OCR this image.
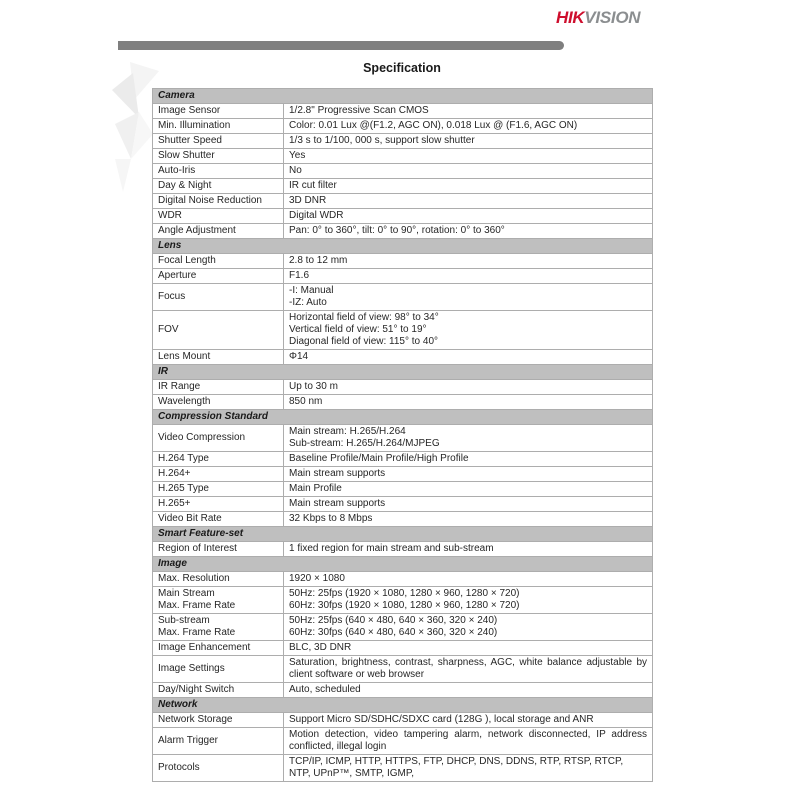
HIKVISION
Specification
Camera	
Image Sensor	1/2.8" Progressive Scan CMOS
Min. Illumination	Color: 0.01 Lux @(F1.2, AGC ON), 0.018 Lux @ (F1.6, AGC ON)
Shutter Speed	1/3 s to 1/100, 000 s, support slow shutter
Slow Shutter	Yes
Auto-Iris	No
Day & Night	IR cut filter
Digital Noise Reduction	3D DNR
WDR	Digital WDR
Angle Adjustment	Pan: 0° to 360°, tilt: 0° to 90°, rotation: 0° to 360°
Lens	
Focal Length	2.8 to 12 mm
Aperture	F1.6
Focus	-I: Manual
-IZ: Auto
FOV	Horizontal field of view: 98° to 34°
Vertical field of view: 51° to 19°
Diagonal field of view: 115° to 40°
Lens Mount	Φ14
IR	
IR Range	Up to 30 m
Wavelength	850 nm
Compression Standard	
Video Compression	Main stream: H.265/H.264
Sub-stream: H.265/H.264/MJPEG
H.264 Type	Baseline Profile/Main Profile/High Profile
H.264+	Main stream supports
H.265 Type	Main Profile
H.265+	Main stream supports
Video Bit Rate	32 Kbps to 8 Mbps
Smart Feature-set	
Region of Interest	1 fixed region for main stream and sub-stream
Image	
Max. Resolution	1920 × 1080
Main Stream
Max. Frame Rate	50Hz: 25fps (1920 × 1080, 1280 × 960, 1280 × 720)
60Hz: 30fps (1920 × 1080, 1280 × 960, 1280 × 720)
Sub-stream
Max. Frame Rate	50Hz: 25fps (640 × 480, 640 × 360, 320 × 240)
60Hz: 30fps (640 × 480, 640 × 360, 320 × 240)
Image Enhancement	BLC, 3D DNR
Image Settings	Saturation, brightness, contrast, sharpness, AGC, white balance adjustable by client software or web browser
Day/Night Switch	Auto, scheduled
Network	
Network Storage	Support Micro SD/SDHC/SDXC card (128G ), local storage and ANR
Alarm Trigger	Motion detection, video tampering alarm, network disconnected, IP address conflicted, illegal login
Protocols	TCP/IP, ICMP, HTTP, HTTPS, FTP, DHCP, DNS, DDNS, RTP, RTSP, RTCP, NTP, UPnP™, SMTP, IGMP,
